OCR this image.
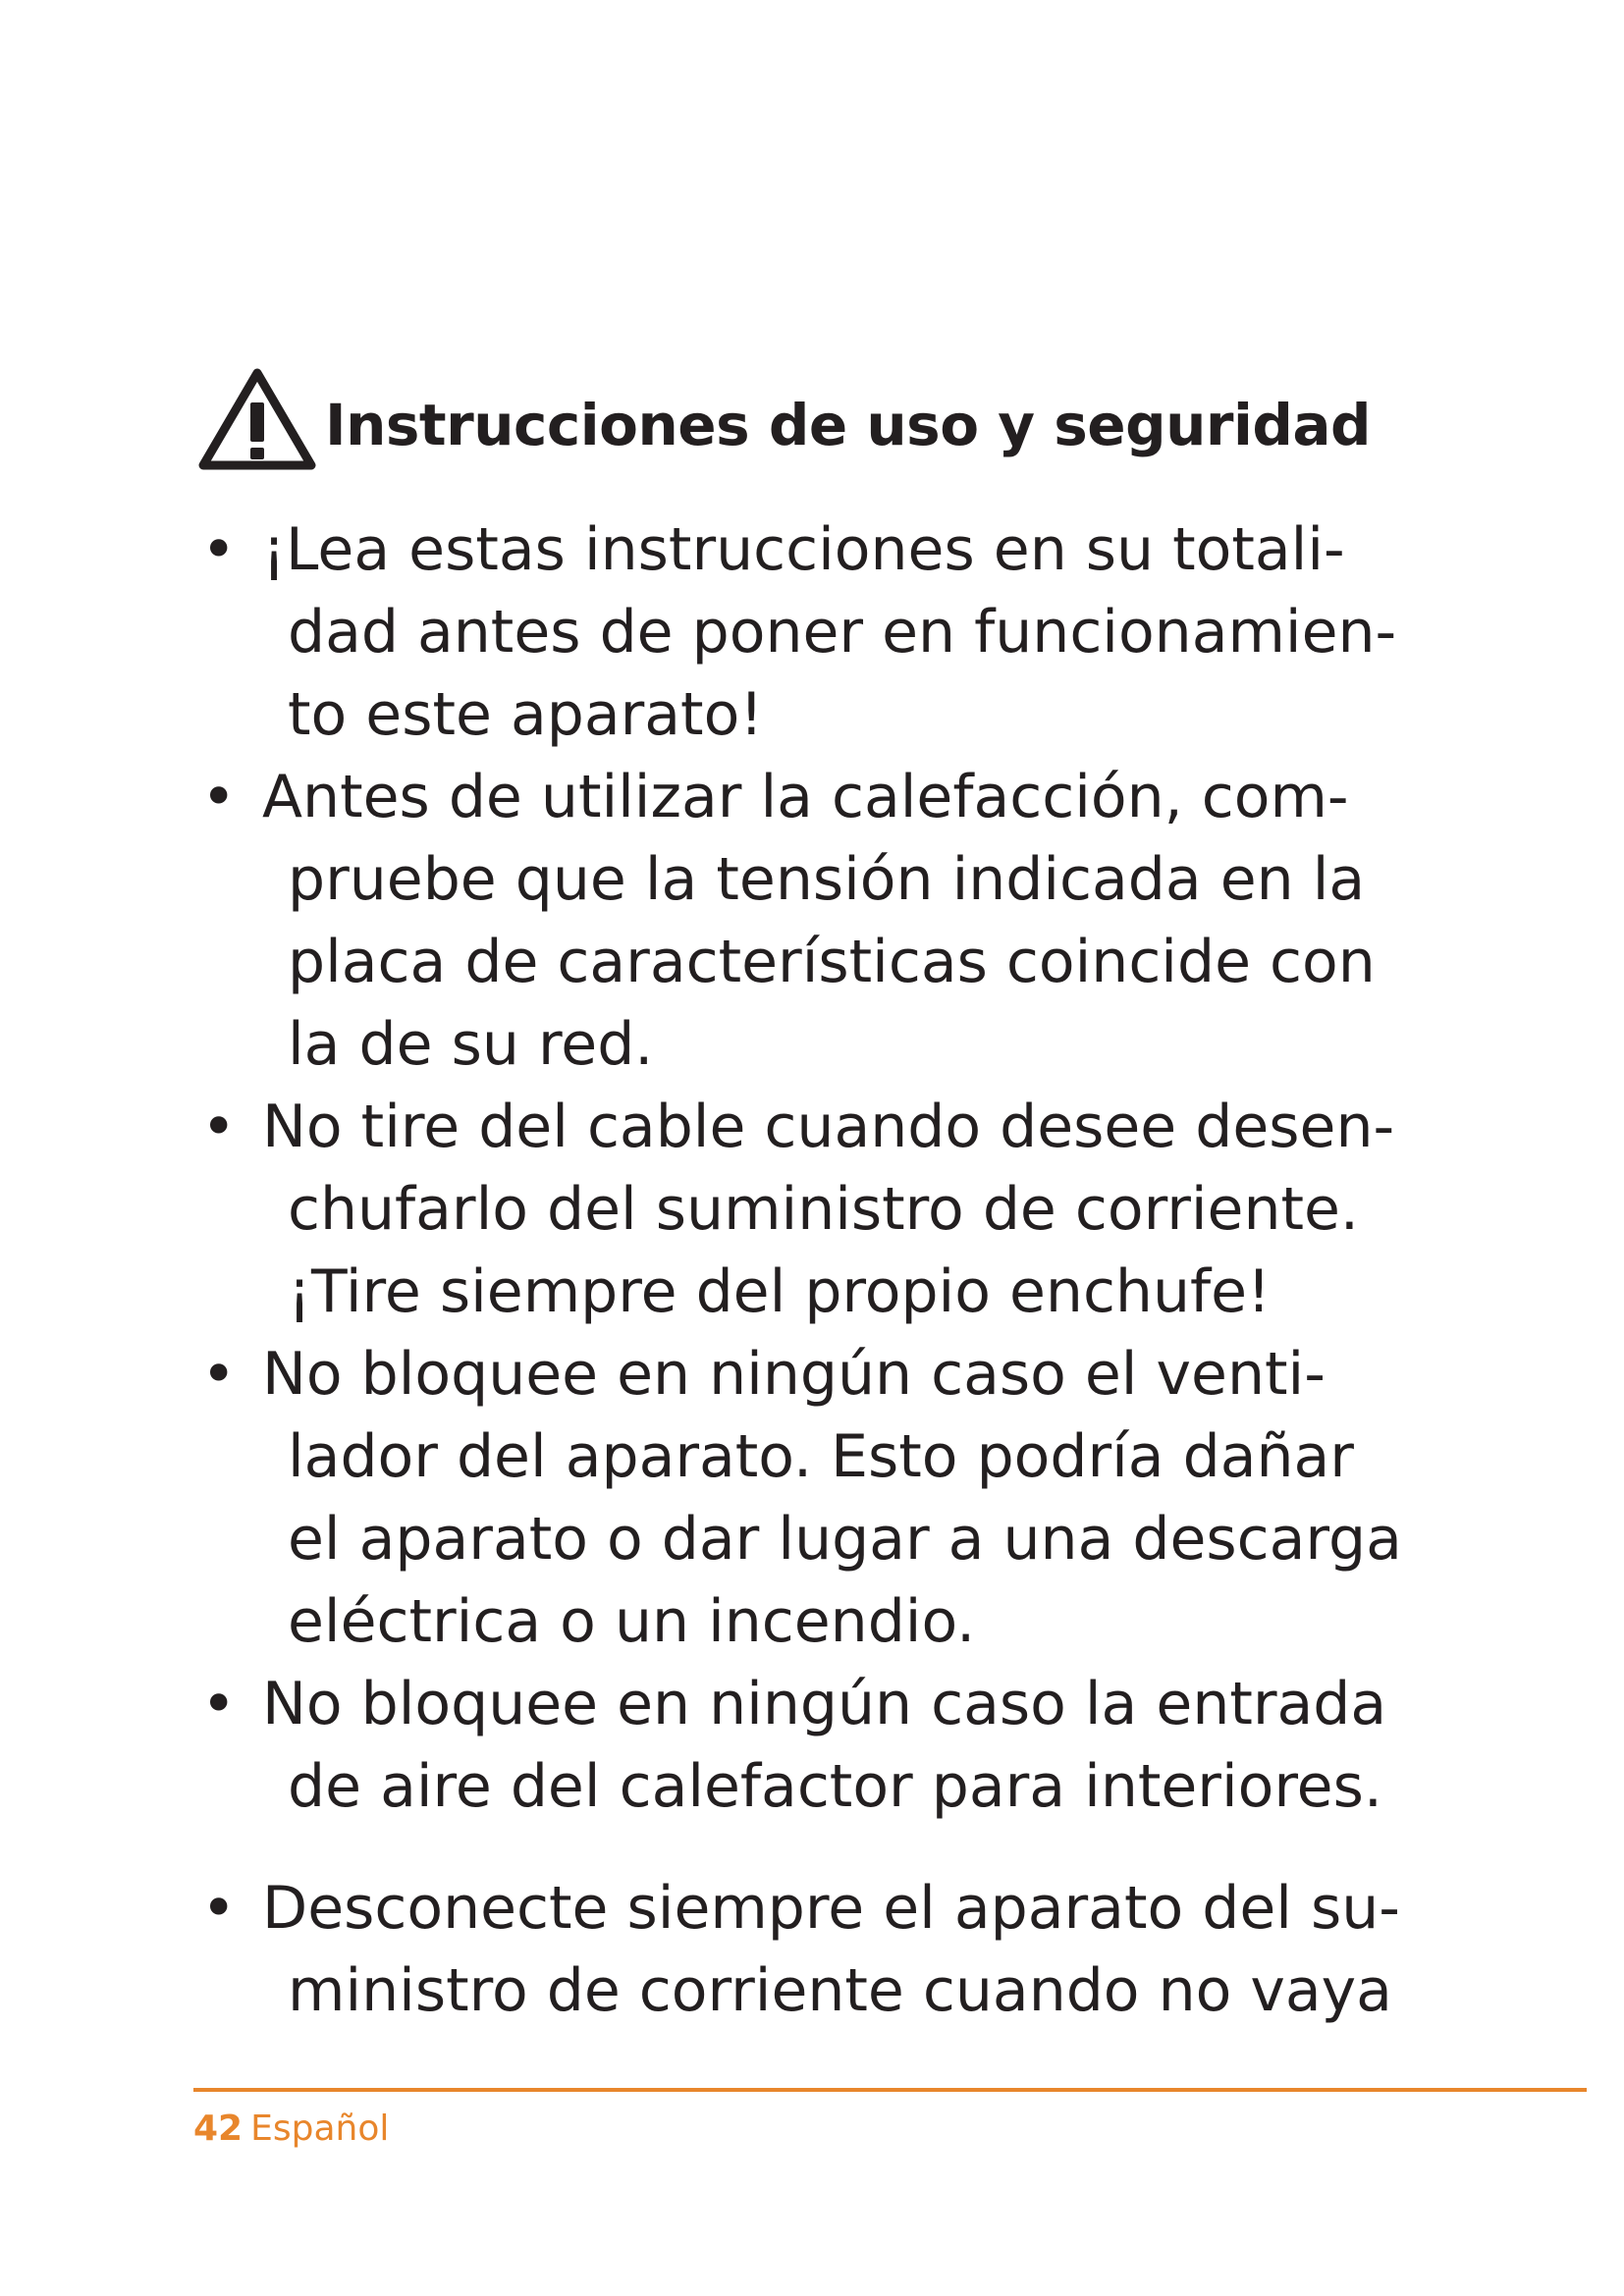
Instrucciones de uso y seguridad
• ¡Lea estas instrucciones en su totali-
dad antes de poner en funcionamien-
to este aparato!
• Antes de utilizar la calefacción, com-
pruebe que la tensión indicada en la
placa de características coincide con
la de su red.
• No tire del cable cuando desee desen-
chufarlo del suministro de corriente.
¡Tire siempre del propio enchufe!
• No bloquee en ningún caso el venti-
lador del aparato. Esto podría dañar
el aparato o dar lugar a una descarga
eléctrica o un incendio.
• No bloquee en ningún caso la entrada
de aire del calefactor para interiores.
• Desconecte siempre el aparato del su-
ministro de corriente cuando no vaya
42 Español
